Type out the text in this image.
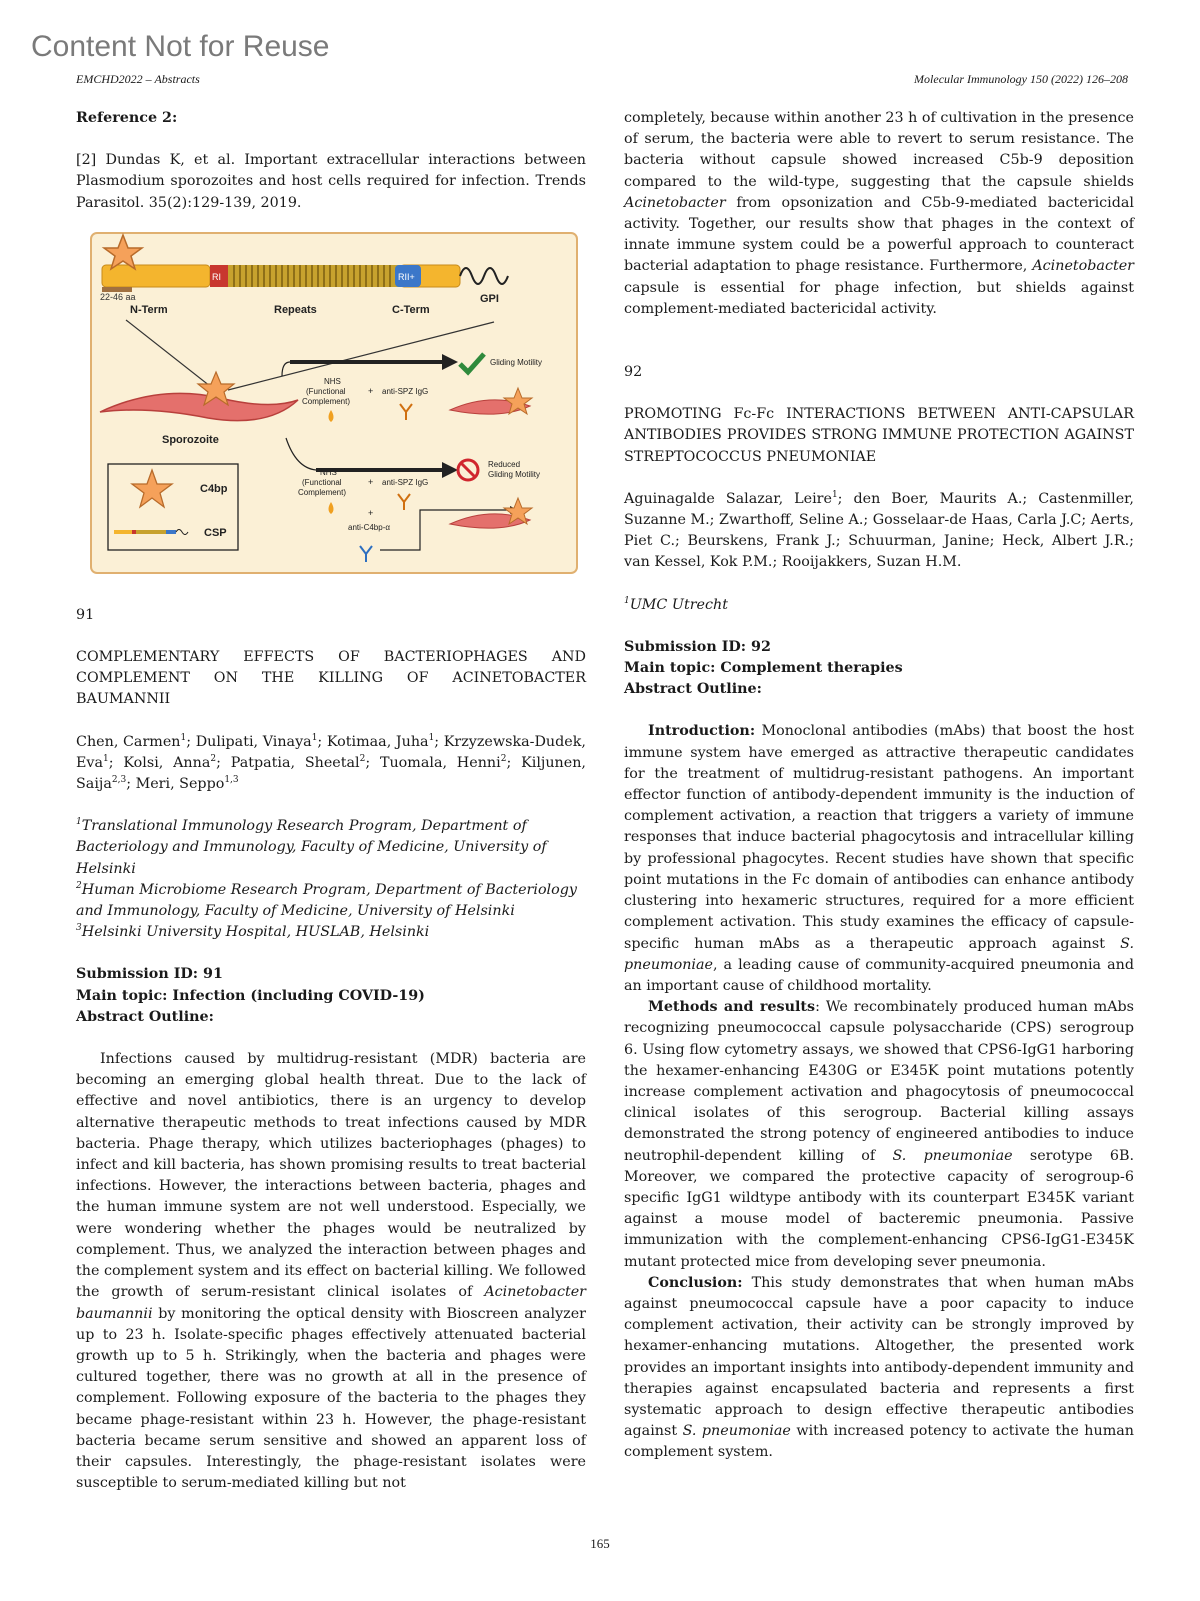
Content Not for Reuse
EMCHD2022 – Abstracts	Molecular Immunology 150 (2022) 126–208
Reference 2:
[2] Dundas K, et al. Important extracellular interactions between Plasmodium sporozoites and host cells required for infection. Trends Parasitol. 35(2):129-139, 2019.
22-46 aa
RI	RII+
N-Term	Repeats	C-Term
GPI
Sporozoite
Gliding Motility
NHS
(Functional
Complement)
+ anti-SPZ IgG
Reduced
Gliding Motility
NHS
(Functional
Complement)
+ anti-SPZ IgG
+
anti-C4bp-α
C4bp
CSP
91
COMPLEMENTARY EFFECTS OF BACTERIOPHAGES AND COMPLEMENT ON THE KILLING OF ACINETOBACTER BAUMANNII
Chen, Carmen$^1$; Dulipati, Vinaya$^1$; Kotimaa, Juha$^1$; Krzyzewska-Dudek, Eva$^1$; Kolsi, Anna$^2$; Patpatia, Sheetal$^2$; Tuomala, Henni$^2$; Kiljunen, Saija$^{2,3}$; Meri, Seppo$^{1,3}$
$^1$Translational Immunology Research Program, Department of Bacteriology and Immunology, Faculty of Medicine, University of Helsinki
$^2$Human Microbiome Research Program, Department of Bacteriology and Immunology, Faculty of Medicine, University of Helsinki
$^3$Helsinki University Hospital, HUSLAB, Helsinki
Submission ID: 91
Main topic: Infection (including COVID-19)
Abstract Outline:
Infections caused by multidrug-resistant (MDR) bacteria are becoming an emerging global health threat. Due to the lack of effective and novel antibiotics, there is an urgency to develop alternative therapeutic methods to treat infections caused by MDR bacteria. Phage therapy, which utilizes bacteriophages (phages) to infect and kill bacteria, has shown promising results to treat bacterial infections. However, the interactions between bacteria, phages and the human immune system are not well understood. Especially, we were wondering whether the phages would be neutralized by complement. Thus, we analyzed the interaction between phages and the complement system and its effect on bacterial killing. We followed the growth of serum-resistant clinical isolates of Acinetobacter baumannii by monitoring the optical density with Bioscreen analyzer up to 23 h. Isolate-specific phages effectively attenuated bacterial growth up to 5 h. Strikingly, when the bacteria and phages were cultured together, there was no growth at all in the presence of complement. Following exposure of the bacteria to the phages they became phage-resistant within 23 h. However, the phage-resistant bacteria became serum sensitive and showed an apparent loss of their capsules. Interestingly, the phage-resistant isolates were susceptible to serum-mediated killing but not
completely, because within another 23 h of cultivation in the presence of serum, the bacteria were able to revert to serum resistance. The bacteria without capsule showed increased C5b-9 deposition compared to the wild-type, suggesting that the capsule shields Acinetobacter from opsonization and C5b-9-mediated bactericidal activity. Together, our results show that phages in the context of innate immune system could be a powerful approach to counteract bacterial adaptation to phage resistance. Furthermore, Acinetobacter capsule is essential for phage infection, but shields against complement-mediated bactericidal activity.
92
PROMOTING Fc-Fc INTERACTIONS BETWEEN ANTI-CAPSULAR ANTIBODIES PROVIDES STRONG IMMUNE PROTECTION AGAINST STREPTOCOCCUS PNEUMONIAE
Aguinagalde Salazar, Leire$^1$; den Boer, Maurits A.; Castenmiller, Suzanne M.; Zwarthoff, Seline A.; Gosselaar-de Haas, Carla J.C; Aerts, Piet C.; Beurskens, Frank J.; Schuurman, Janine; Heck, Albert J.R.; van Kessel, Kok P.M.; Rooijakkers, Suzan H.M.
$^1$UMC Utrecht
Submission ID: 92
Main topic: Complement therapies
Abstract Outline:
Introduction: Monoclonal antibodies (mAbs) that boost the host immune system have emerged as attractive therapeutic candidates for the treatment of multidrug-resistant pathogens. An important effector function of antibody-dependent immunity is the induction of complement activation, a reaction that triggers a variety of immune responses that induce bacterial phagocytosis and intracellular killing by professional phagocytes. Recent studies have shown that specific point mutations in the Fc domain of antibodies can enhance antibody clustering into hexameric structures, required for a more efficient complement activation. This study examines the efficacy of capsule-specific human mAbs as a therapeutic approach against S. pneumoniae, a leading cause of community-acquired pneumonia and an important cause of childhood mortality.
Methods and results: We recombinately produced human mAbs recognizing pneumococcal capsule polysaccharide (CPS) serogroup 6. Using flow cytometry assays, we showed that CPS6-IgG1 harboring the hexamer-enhancing E430G or E345K point mutations potently increase complement activation and phagocytosis of pneumococcal clinical isolates of this serogroup. Bacterial killing assays demonstrated the strong potency of engineered antibodies to induce neutrophil-dependent killing of S. pneumoniae serotype 6B. Moreover, we compared the protective capacity of serogroup-6 specific IgG1 wildtype antibody with its counterpart E345K variant against a mouse model of bacteremic pneumonia. Passive immunization with the complement-enhancing CPS6-IgG1-E345K mutant protected mice from developing sever pneumonia.
Conclusion: This study demonstrates that when human mAbs against pneumococcal capsule have a poor capacity to induce complement activation, their activity can be strongly improved by hexamer-enhancing mutations. Altogether, the presented work provides an important insights into antibody-dependent immunity and therapies against encapsulated bacteria and represents a first systematic approach to design effective therapeutic antibodies against S. pneumoniae with increased potency to activate the human complement system.
165
